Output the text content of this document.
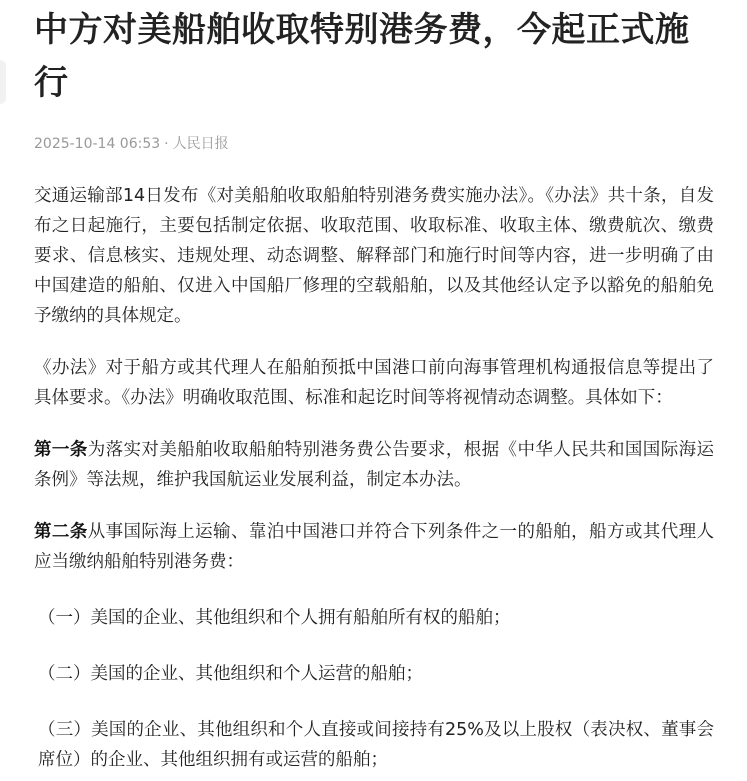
中方对美船舶收取特别港务费，今起正式施行
2025-10-14 06:53 · 人民日报

交通运输部14日发布《对美船舶收取船舶特别港务费实施办法》。《办法》共十条，自发布之日起施行，主要包括制定依据、收取范围、收取标准、收取主体、缴费航次、缴费要求、信息核实、违规处理、动态调整、解释部门和施行时间等内容，进一步明确了由中国建造的船舶、仅进入中国船厂修理的空载船舶，以及其他经认定予以豁免的船舶免予缴纳的具体规定。

《办法》对于船方或其代理人在船舶预抵中国港口前向海事管理机构通报信息等提出了具体要求。《办法》明确收取范围、标准和起讫时间等将视情动态调整。具体如下：

第一条为落实对美船舶收取船舶特别港务费公告要求，根据《中华人民共和国国际海运条例》等法规，维护我国航运业发展利益，制定本办法。

第二条从事国际海上运输、靠泊中国港口并符合下列条件之一的船舶，船方或其代理人应当缴纳船舶特别港务费：

（一）美国的企业、其他组织和个人拥有船舶所有权的船舶；

（二）美国的企业、其他组织和个人运营的船舶；

（三）美国的企业、其他组织和个人直接或间接持有25%及以上股权（表决权、董事会席位）的企业、其他组织拥有或运营的船舶；
